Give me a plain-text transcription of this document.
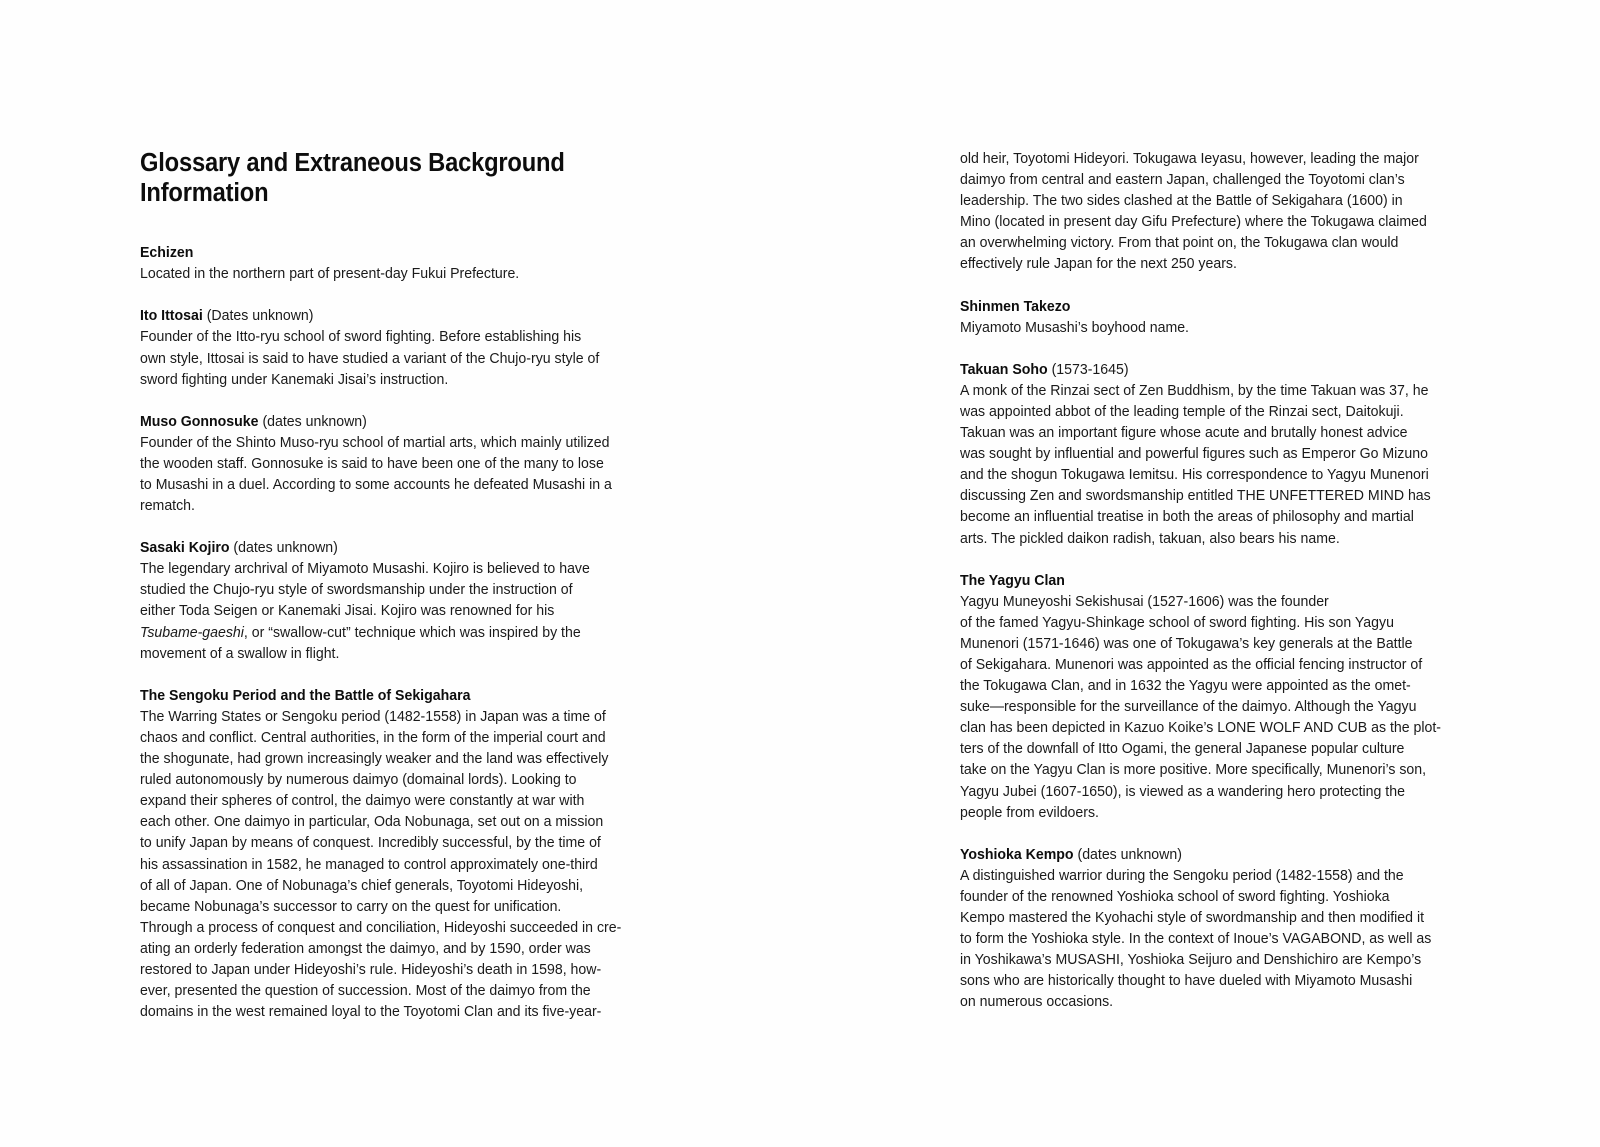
Glossary and Extraneous Background
Information

Echizen

Located in the northern part of present-day Fukui Prefecture.

Ito Ittosai (Dates unknown)

Founder of the Itto-ryu school of sword fighting. Before establishing his
own style, Ittosai is said to have studied a variant of the Chujo-ryu style of
sword fighting under Kanemaki Jisai’s instruction.

Muso Gonnosuke (dates unknown)

Founder of the Shinto Muso-ryu school of martial arts, which mainly utilized
the wooden staff. Gonnosuke is said to have been one of the many to lose
to Musashi in a duel. According to some accounts he defeated Musashi in a
rematch.

Sasaki Kojiro (dates unknown)

The legendary archrival of Miyamoto Musashi. Kojiro is believed to have
studied the Chujo-ryu style of swordsmanship under the instruction of
either Toda Seigen or Kanemaki Jisai. Kojiro was renowned for his
Tsubame-gaeshi, or “swallow-cut” technique which was inspired by the
movement of a swallow in flight.

The Sengoku Period and the Battle of Sekigahara

The Warring States or Sengoku period (1482-1558) in Japan was a time of
chaos and conflict. Central authorities, in the form of the imperial court and
the shogunate, had grown increasingly weaker and the land was effectively
ruled autonomously by numerous daimyo (domainal lords). Looking to
expand their spheres of control, the daimyo were constantly at war with
each other. One daimyo in particular, Oda Nobunaga, set out on a mission
to unify Japan by means of conquest. Incredibly successful, by the time of
his assassination in 1582, he managed to control approximately one-third
of all of Japan. One of Nobunaga’s chief generals, Toyotomi Hideyoshi,
became Nobunaga’s successor to carry on the quest for unification.
Through a process of conquest and conciliation, Hideyoshi succeeded in cre-
ating an orderly federation amongst the daimyo, and by 1590, order was
restored to Japan under Hideyoshi’s rule. Hideyoshi’s death in 1598, how-
ever, presented the question of succession. Most of the daimyo from the
domains in the west remained loyal to the Toyotomi Clan and its five-year-

old heir, Toyotomi Hideyori. Tokugawa Ieyasu, however, leading the major
daimyo from central and eastern Japan, challenged the Toyotomi clan’s
leadership. The two sides clashed at the Battle of Sekigahara (1600) in
Mino (located in present day Gifu Prefecture) where the Tokugawa claimed
an overwhelming victory. From that point on, the Tokugawa clan would
effectively rule Japan for the next 250 years.

Shinmen Takezo

Miyamoto Musashi’s boyhood name.

Takuan Soho (1573-1645)

A monk of the Rinzai sect of Zen Buddhism, by the time Takuan was 37, he
was appointed abbot of the leading temple of the Rinzai sect, Daitokuji.
Takuan was an important figure whose acute and brutally honest advice
was sought by influential and powerful figures such as Emperor Go Mizuno
and the shogun Tokugawa Iemitsu. His correspondence to Yagyu Munenori
discussing Zen and swordsmanship entitled THE UNFETTERED MIND has
become an influential treatise in both the areas of philosophy and martial
arts. The pickled daikon radish, takuan, also bears his name.

The Yagyu Clan

Yagyu Muneyoshi Sekishusai (1527-1606) was the founder
of the famed Yagyu-Shinkage school of sword fighting. His son Yagyu
Munenori (1571-1646) was one of Tokugawa’s key generals at the Battle
of Sekigahara. Munenori was appointed as the official fencing instructor of
the Tokugawa Clan, and in 1632 the Yagyu were appointed as the omet-
suke—responsible for the surveillance of the daimyo. Although the Yagyu
clan has been depicted in Kazuo Koike’s LONE WOLF AND CUB as the plot-
ters of the downfall of Itto Ogami, the general Japanese popular culture
take on the Yagyu Clan is more positive. More specifically, Munenori’s son,
Yagyu Jubei (1607-1650), is viewed as a wandering hero protecting the
people from evildoers.

Yoshioka Kempo (dates unknown)

A distinguished warrior during the Sengoku period (1482-1558) and the
founder of the renowned Yoshioka school of sword fighting. Yoshioka
Kempo mastered the Kyohachi style of swordmanship and then modified it
to form the Yoshioka style. In the context of Inoue’s VAGABOND, as well as
in Yoshikawa’s MUSASHI, Yoshioka Seijuro and Denshichiro are Kempo’s
sons who are historically thought to have dueled with Miyamoto Musashi
on numerous occasions.
